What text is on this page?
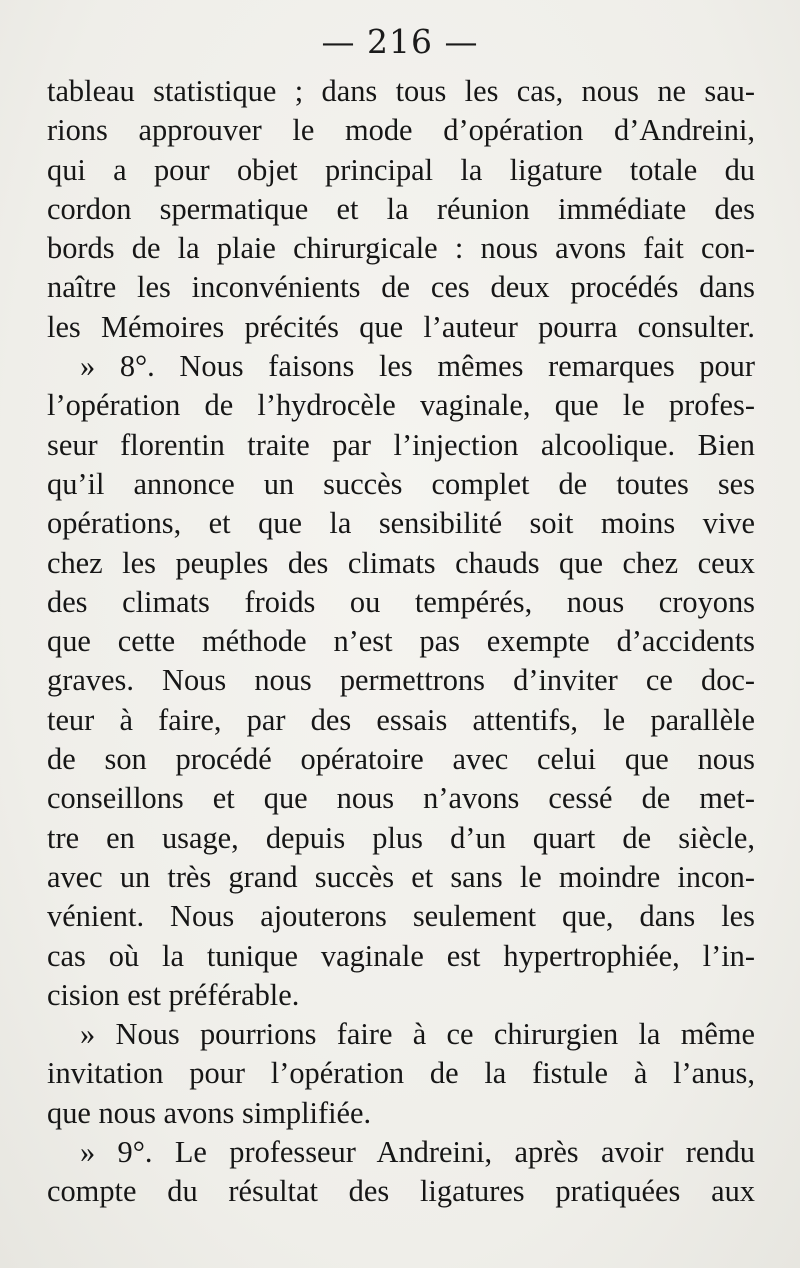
— 216 —
tableau statistique ; dans tous les cas, nous ne sau-
rions approuver le mode d’opération d’Andreini,
qui a pour objet principal la ligature totale du
cordon spermatique et la réunion immédiate des
bords de la plaie chirurgicale : nous avons fait con-
naître les inconvénients de ces deux procédés dans
les Mémoires précités que l’auteur pourra consulter.
» 8°. Nous faisons les mêmes remarques pour
l’opération de l’hydrocèle vaginale, que le profes-
seur florentin traite par l’injection alcoolique. Bien
qu’il annonce un succès complet de toutes ses
opérations, et que la sensibilité soit moins vive
chez les peuples des climats chauds que chez ceux
des climats froids ou tempérés, nous croyons
que cette méthode n’est pas exempte d’accidents
graves. Nous nous permettrons d’inviter ce doc-
teur à faire, par des essais attentifs, le parallèle
de son procédé opératoire avec celui que nous
conseillons et que nous n’avons cessé de met-
tre en usage, depuis plus d’un quart de siècle,
avec un très grand succès et sans le moindre incon-
vénient. Nous ajouterons seulement que, dans les
cas où la tunique vaginale est hypertrophiée, l’in-
cision est préférable.
» Nous pourrions faire à ce chirurgien la même
invitation pour l’opération de la fistule à l’anus,
que nous avons simplifiée.
» 9°. Le professeur Andreini, après avoir rendu
compte du résultat des ligatures pratiquées aux
